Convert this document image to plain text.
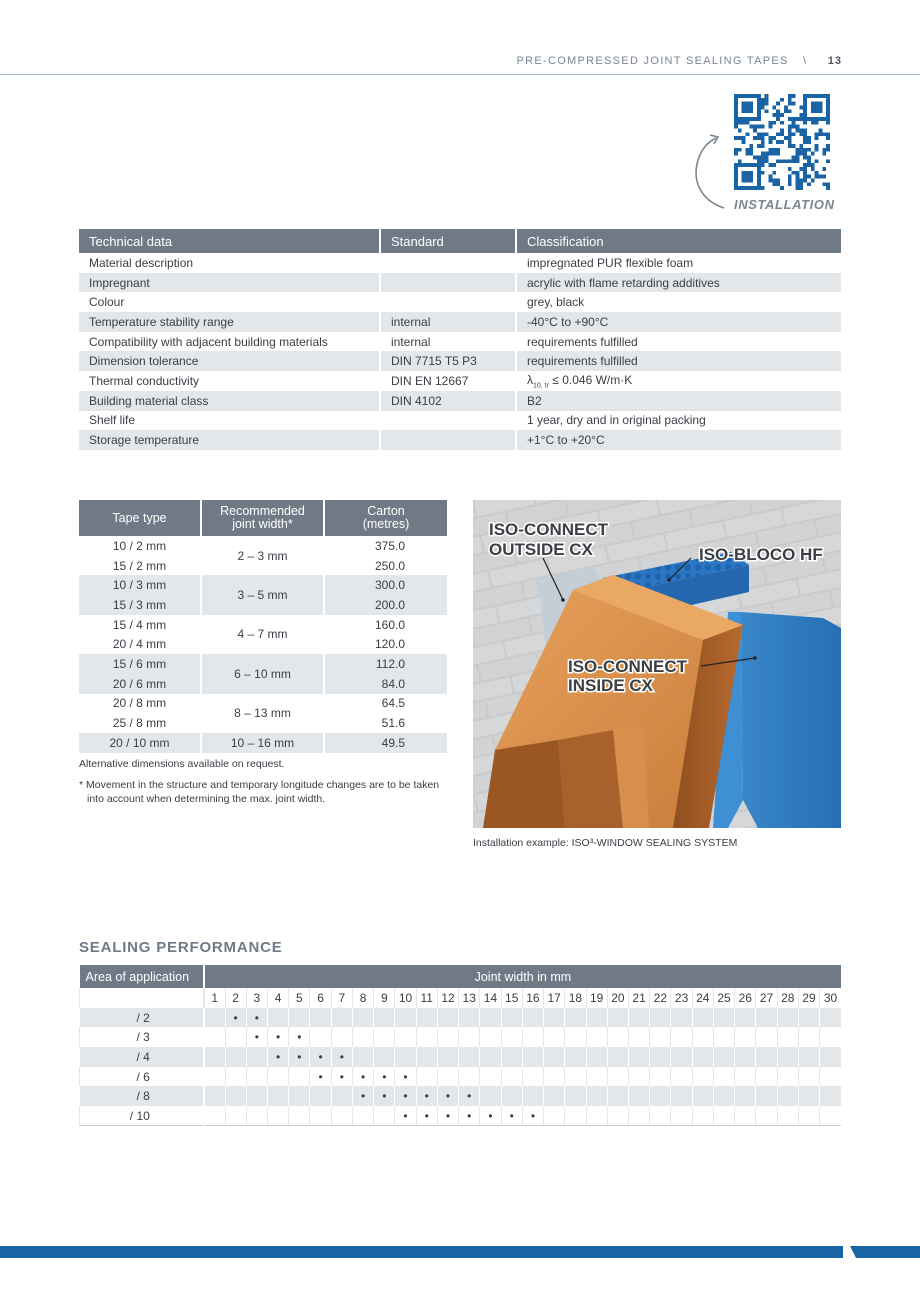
PRE-COMPRESSED JOINT SEALING TAPES \ 13
INSTALLATION
Technical data	Standard	Classification
Material description		impregnated PUR flexible foam
Impregnant		acrylic with flame retarding additives
Colour		grey, black
Temperature stability range	internal	-40°C to +90°C
Compatibility with adjacent building materials	internal	requirements fulfilled
Dimension tolerance	DIN 7715 T5 P3	requirements fulfilled
Thermal conductivity	DIN EN 12667	$\lambda_{10, tr} \le 0.046$ W/m·K
Building material class	DIN 4102	B2
Shelf life		1 year, dry and in original packing
Storage temperature		+1°C to +20°C
Tape type	Recommended joint width*	Carton (metres)
10 / 2 mm	2 – 3 mm	375.0
15 / 2 mm		250.0
10 / 3 mm	3 – 5 mm	300.0
15 / 3 mm		200.0
15 / 4 mm	4 – 7 mm	160.0
20 / 4 mm		120.0
15 / 6 mm	6 – 10 mm	112.0
20 / 6 mm		84.0
20 / 8 mm	8 – 13 mm	64.5
25 / 8 mm		51.6
20 / 10 mm	10 – 16 mm	49.5
Alternative dimensions available on request.
* Movement in the structure and temporary longitude changes are to be taken into account when determining the max. joint width.
ISO-CONNECT
OUTSIDE CX	ISO-BLOCO HF
ISO-CONNECT
INSIDE CX
Installation example: ISO³-WINDOW SEALING SYSTEM
SEALING PERFORMANCE
Area of application	Joint width in mm																													
	1	2	3	4	5	6	7	8	9	10	11	12	13	14	15	16	17	18	19	20	21	22	23	24	25	26	27	28	29	30
/ 2		•	•																											
/ 3			•	•	•																									
/ 4				•	•	•	•																							
/ 6						•	•	•	•	•																				
/ 8								•	•	•	•	•	•																	
/ 10										•	•	•	•	•	•	•														
